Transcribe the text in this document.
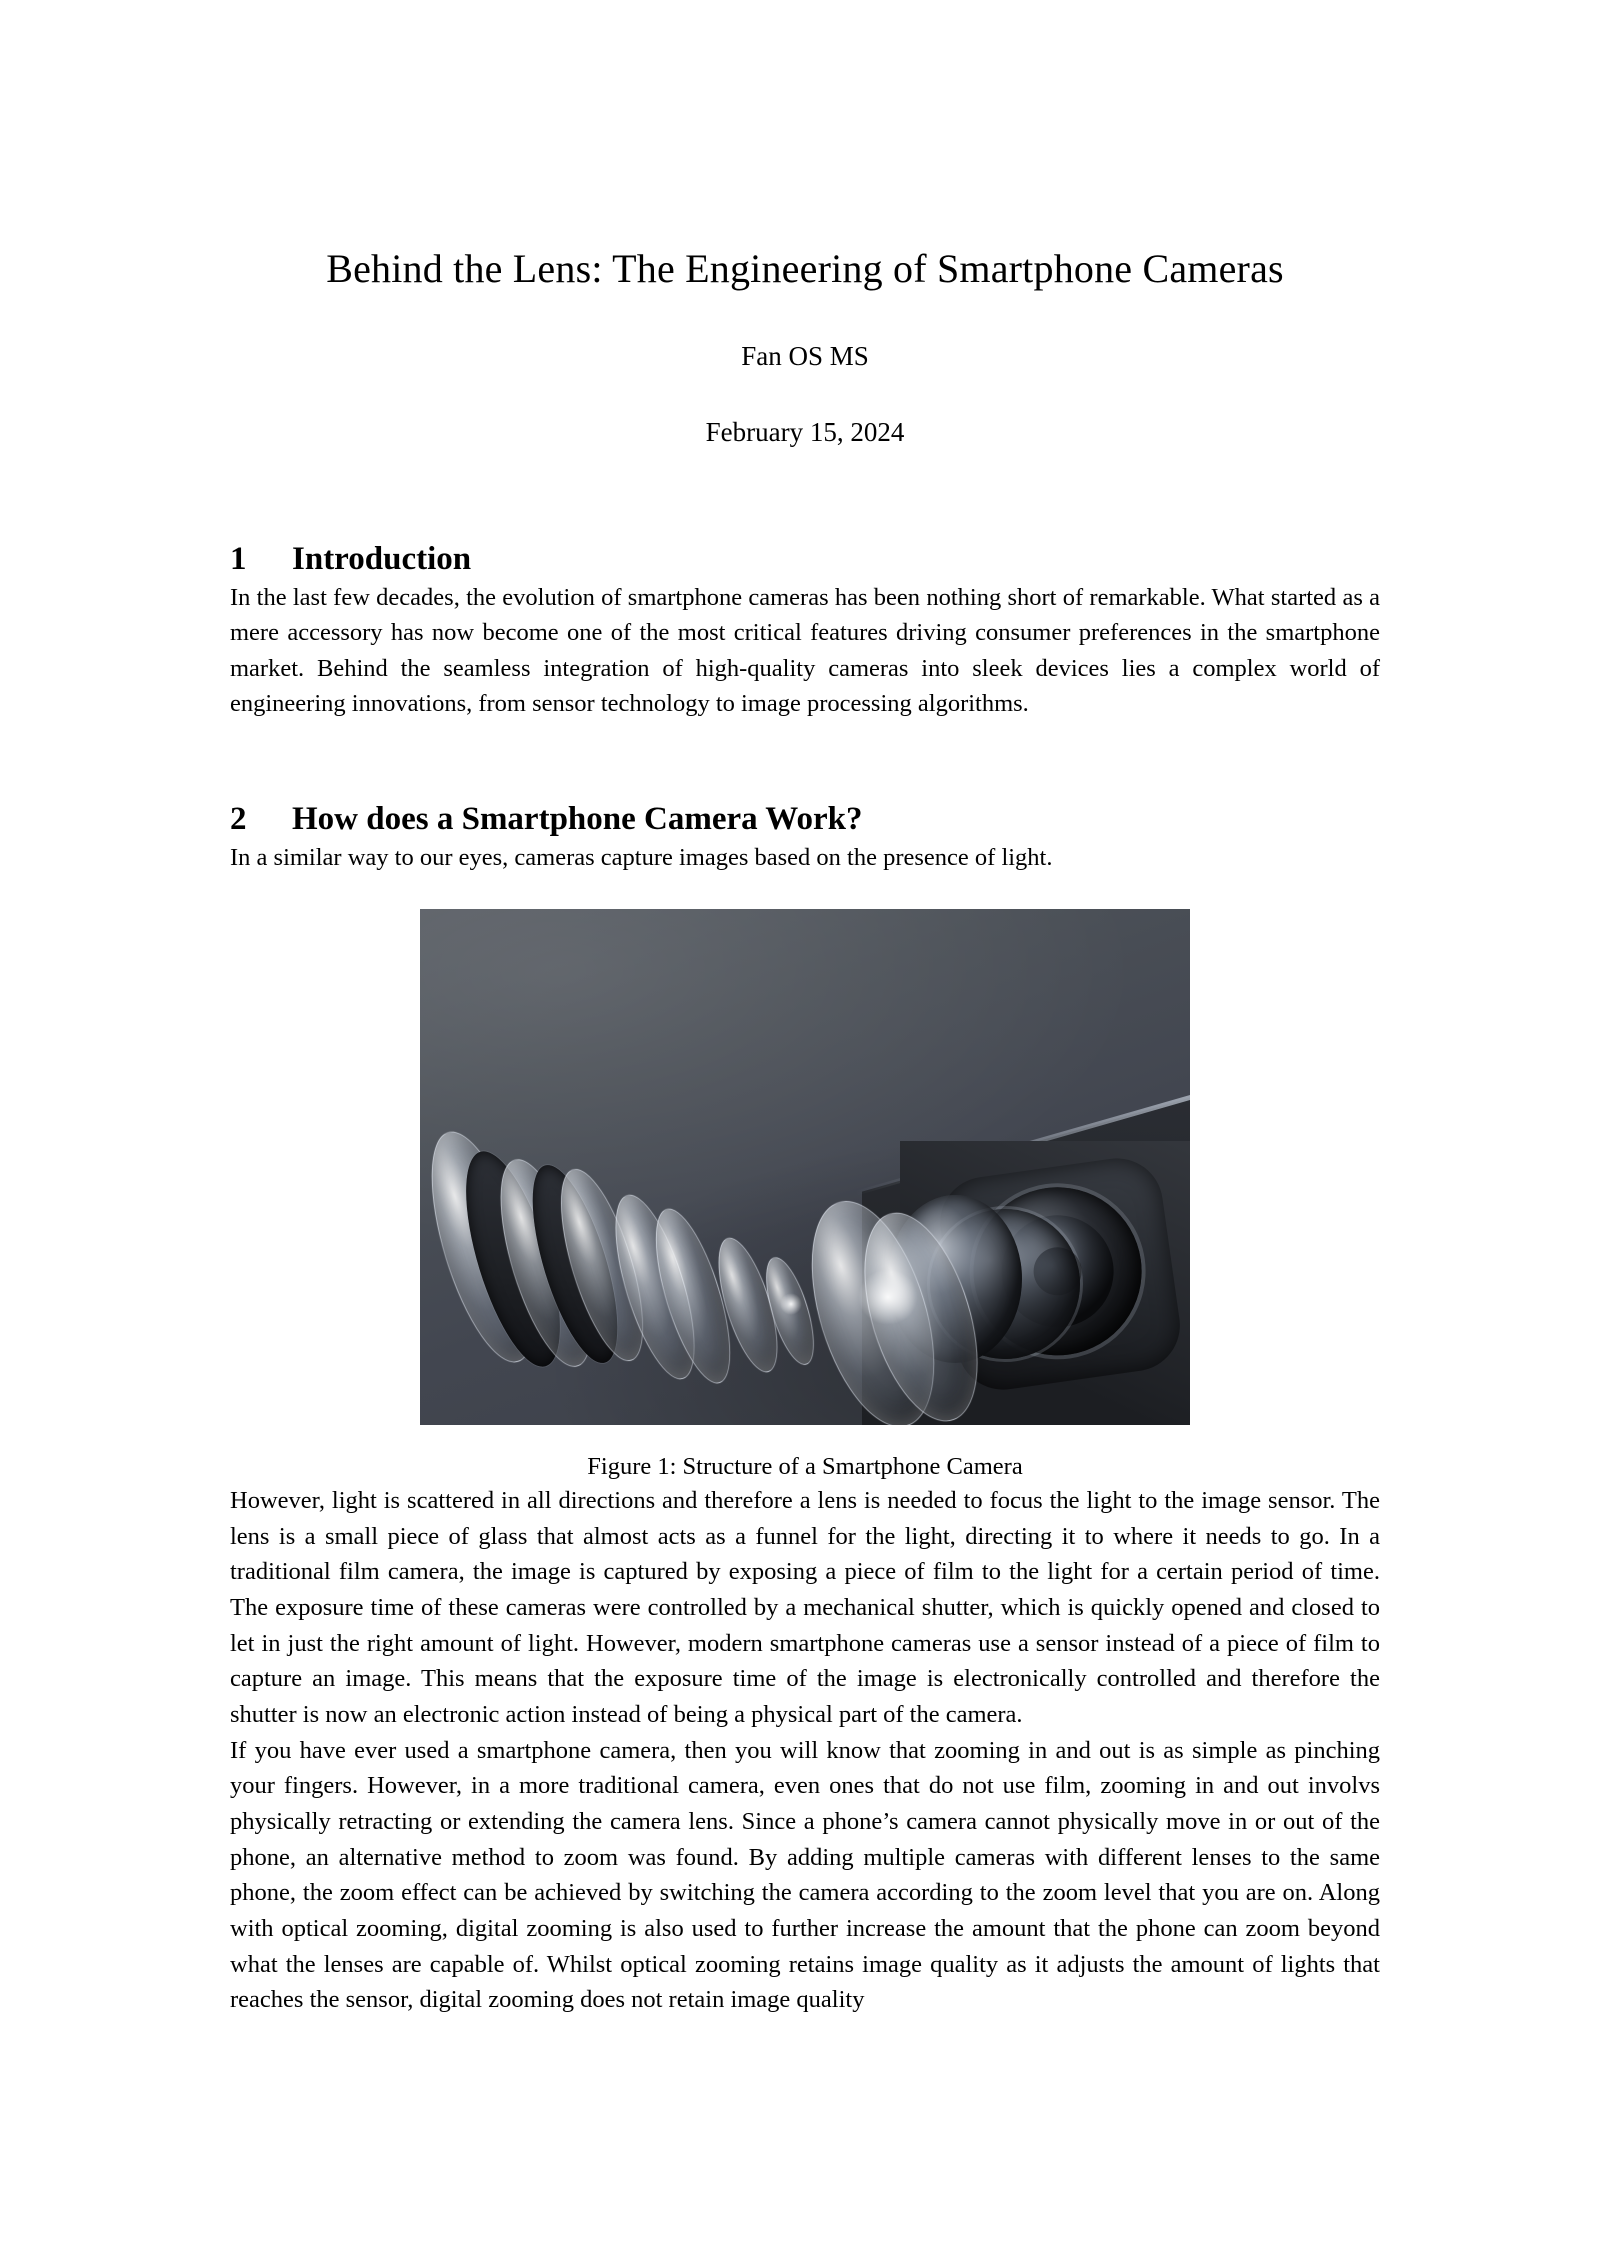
Behind the Lens: The Engineering of Smartphone Cameras
Fan OS MS
February 15, 2024
1	Introduction

In the last few decades, the evolution of smartphone cameras has been nothing short of remarkable. What started as a mere accessory has now become one of the most critical features driving consumer preferences in the smartphone market. Behind the seamless integration of high-quality cameras into sleek devices lies a complex world of engineering innovations, from sensor technology to image processing algorithms.

2	How does a Smartphone Camera Work?

In a similar way to our eyes, cameras capture images based on the presence of light.

Figure 1: Structure of a Smartphone Camera

However, light is scattered in all directions and therefore a lens is needed to focus the light to the image sensor. The lens is a small piece of glass that almost acts as a funnel for the light, directing it to where it needs to go. In a traditional film camera, the image is captured by exposing a piece of film to the light for a certain period of time. The exposure time of these cameras were controlled by a mechanical shutter, which is quickly opened and closed to let in just the right amount of light. However, modern smartphone cameras use a sensor instead of a piece of film to capture an image. This means that the exposure time of the image is electronically controlled and therefore the shutter is now an electronic action instead of being a physical part of the camera.

If you have ever used a smartphone camera, then you will know that zooming in and out is as simple as pinching your fingers. However, in a more traditional camera, even ones that do not use film, zooming in and out involvs physically retracting or extending the camera lens. Since a phone’s camera cannot physically move in or out of the phone, an alternative method to zoom was found. By adding multiple cameras with different lenses to the same phone, the zoom effect can be achieved by switching the camera according to the zoom level that you are on. Along with optical zooming, digital zooming is also used to further increase the amount that the phone can zoom beyond what the lenses are capable of. Whilst optical zooming retains image quality as it adjusts the amount of lights that reaches the sensor, digital zooming does not retain image quality
